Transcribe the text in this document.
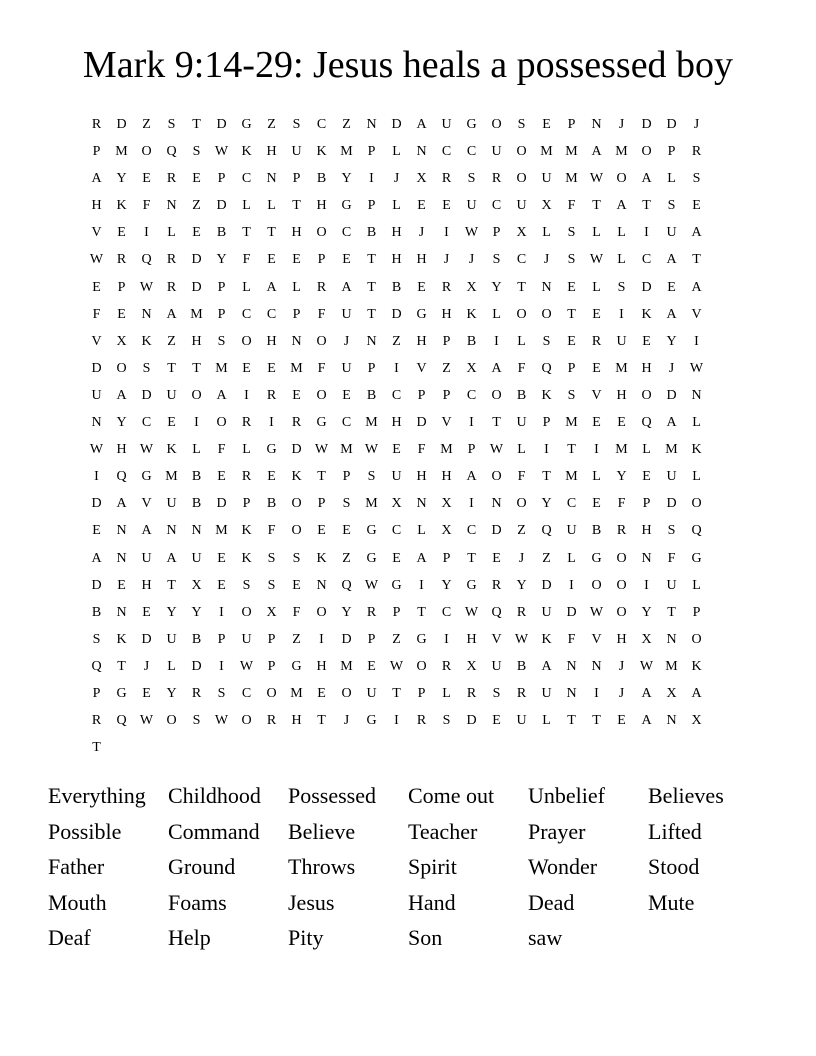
Mark 9:14-29: Jesus heals a possessed boy
R	D	Z	S	T	D	G	Z	S	C	Z	N	D	A	U	G	O	S	E	P	N	J	D	D	J
P	M O	Q	S	W K	H	U	K M	P	L	N	C	C	U	O M M A M O	P	R
A	Y	E	R	E	P	C	N	P	B	Y	I	J	X	R	S	R	O	U M W O	A	L	S
H	K	F	N	Z	D	L	L	T	H	G	P	L	E	E	U	C	U	X	F	T	A	T	S	E
V	E	I	L	E	B	T	T	H	O	C	B	H	J	I	W	P	X	L	S	L	L	I	U	A
W R	Q	R	D	Y	F	E	E	P	E	T	H	H	J	J	S	C	J	S	W	L	C	A	T
E	P	W R	D	P	L	A	L	R	A	T	B	E	R	X	Y	T	N	E	L	S	D	E	A
F	E	N	A M	P	C	C	P	F	U	T	D	G	H	K	L	O	O	T	E	I	K	A	V
V	X	K	Z	H	S	O	H	N	O	J	N	Z	H	P	B	I	L	S	E	R	U	E	Y	I
D	O	S	T	T	M	E	E	M	F	U	P	I	V	Z	X	A	F	Q	P	E	M H	J	W
U	A	D	U	O	A	I	R	E	O	E	B	C	P	P	C	O	B	K	S	V	H	O	D	N
N	Y	C	E	I	O	R	I	R	G	C	M H	D	V	I	T	U	P	M	E	E	Q	A	L
W H W K	L	F	L	G	D W M W	E	F	M	P	W	L	I	T	I	M	L	M K
I	Q	G M	B	E	R	E	K	T	P	S	U	H	H	A	O	F	T	M	L	Y	E	U	L
D	A	V	U	B	D	P	B	O	P	S	M X	N	X	I	N	O	Y	C	E	F	P	D	O
E	N	A	N	N M K	F	O	E	E	G	C	L	X	C	D	Z	Q	U	B	R	H	S	Q
A	N	U	A	U	E	K	S	S	K	Z	G	E	A	P	T	E	J	Z	L	G	O	N	F	G
D	E	H	T	X	E	S	S	E	N	Q W G	I	Y	G	R	Y	D	I	O	O	I	U	L
B	N	E	Y	Y	I	O	X	F	O	Y	R	P	T	C W Q	R	U	D W O	Y	T	P
S	K	D	U	B	P	U	P	Z	I	D	P	Z	G	I	H	V W K	F	V	H	X	N	O
Q	T	J	L	D	I	W	P	G	H M	E	W O	R	X	U	B	A	N	N	J	W M K
P	G	E	Y	R	S	C	O M	E	O	U	T	P	L	R	S	R	U	N	I	J	A	X	A
R	Q W O	S	W O	R	H	T	J	G	I	R	S	D	E	U	L	T	T	E	A	N	X
T
Everything	Childhood	Possessed	Come out	Unbelief	Believes
Possible	Command	Believe	Teacher	Prayer	Lifted
Father	Ground	Throws	Spirit	Wonder	Stood
Mouth	Foams	Jesus	Hand	Dead	Mute
Deaf	Help	Pity	Son	saw
